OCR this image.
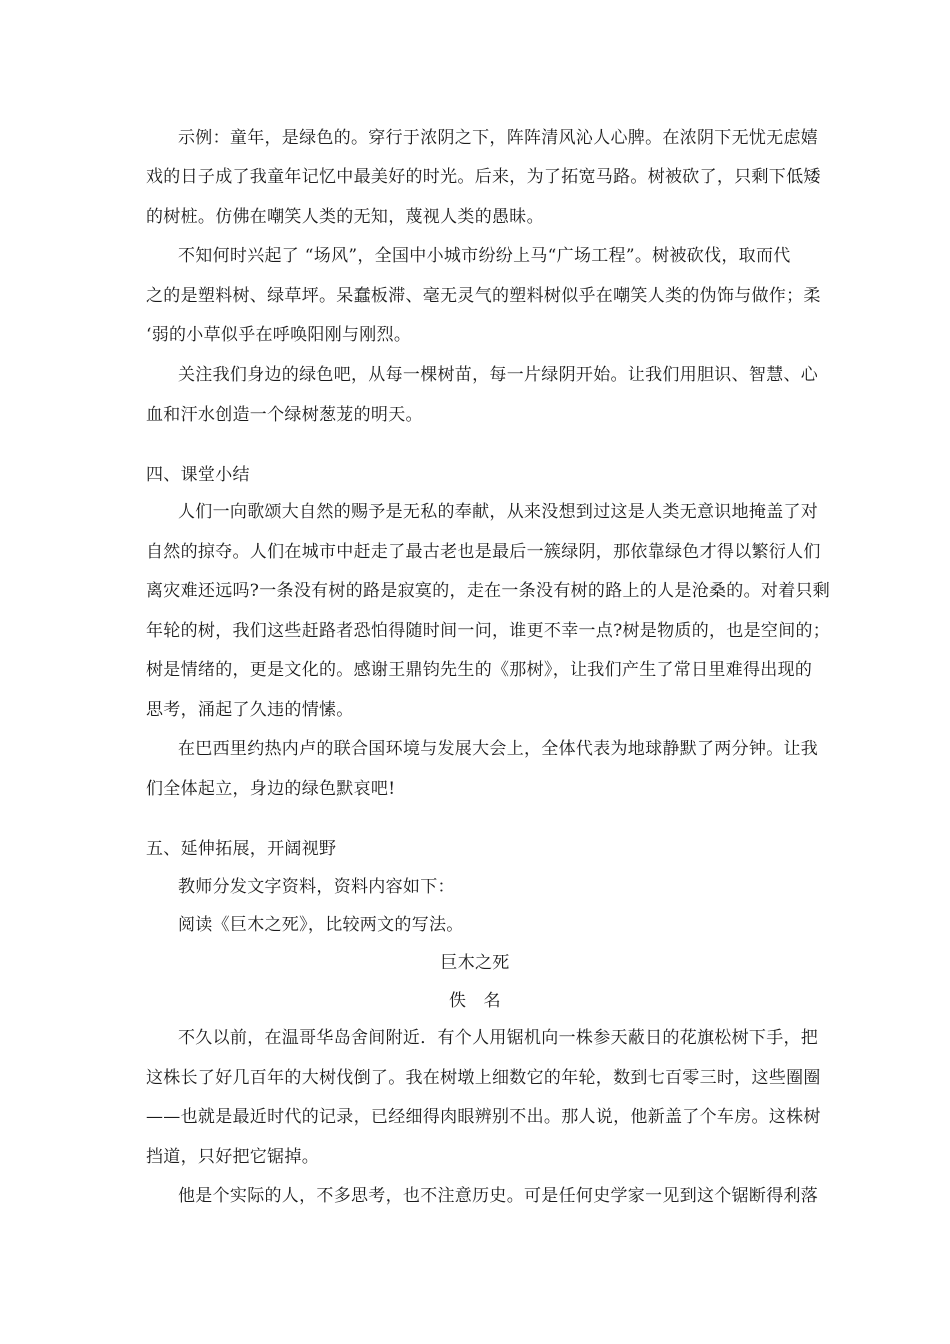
示例：童年，是绿色的。穿行于浓阴之下，阵阵清风沁人心脾。在浓阴下无忧无虑嬉
戏的日子成了我童年记忆中最美好的时光。后来，为了拓宽马路。树被砍了，只剩下低矮
的树桩。仿佛在嘲笑人类的无知，蔑视人类的愚昧。
不知何时兴起了 “场风”，全国中小城市纷纷上马“广场工程”。树被砍伐，取而代
之的是塑料树、绿草坪。呆蠢板滞、毫无灵气的塑料树似乎在嘲笑人类的伪饰与做作；柔
‘弱的小草似乎在呼唤阳刚与刚烈。
关注我们身边的绿色吧，从每一棵树苗，每一片绿阴开始。让我们用胆识、智慧、心
血和汗水创造一个绿树葱茏的明天。
四、课堂小结
人们一向歌颂大自然的赐予是无私的奉献，从来没想到过这是人类无意识地掩盖了对
自然的掠夺。人们在城市中赶走了最古老也是最后一簇绿阴，那依靠绿色才得以繁衍人们
离灾难还远吗?一条没有树的路是寂寞的，走在一条没有树的路上的人是沧桑的。对着只剩
年轮的树，我们这些赶路者恐怕得随时间一问，谁更不幸一点?树是物质的，也是空间的；
树是情绪的，更是文化的。感谢王鼎钧先生的《那树》，让我们产生了常日里难得出现的
思考，涌起了久违的情愫。
在巴西里约热内卢的联合国环境与发展大会上，全体代表为地球静默了两分钟。让我
们全体起立，身边的绿色默哀吧!
五、延伸拓展，开阔视野
教师分发文字资料，资料内容如下：
阅读《巨木之死》，比较两文的写法。
巨木之死
佚　名
不久以前，在温哥华岛舍间附近．有个人用锯机向一株参天蔽日的花旗松树下手，把
这株长了好几百年的大树伐倒了。我在树墩上细数它的年轮，数到七百零三时，这些圈圈
——也就是最近时代的记录，已经细得肉眼辨别不出。那人说，他新盖了个车房。这株树
挡道，只好把它锯掉。
他是个实际的人，不多思考，也不注意历史。可是任何史学家一见到这个锯断得利落
